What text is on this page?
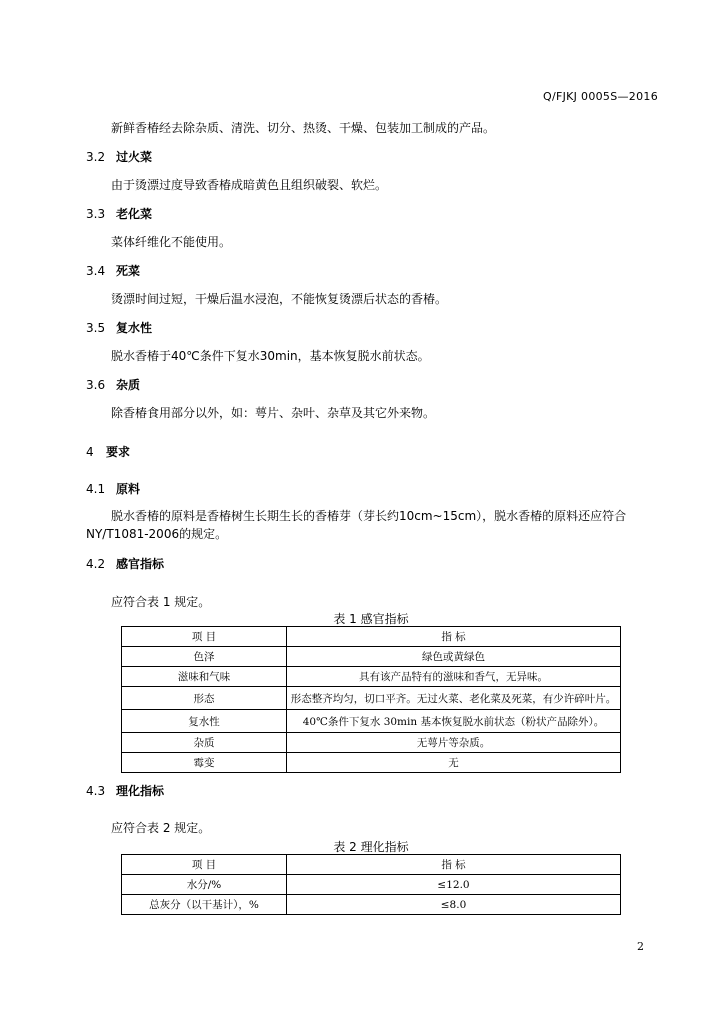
Q/FJKJ 0005S—2016
新鲜香椿经去除杂质、清洗、切分、热烫、干燥、包装加工制成的产品。
3.2 过火菜
由于烫漂过度导致香椿成暗黄色且组织破裂、软烂。
3.3 老化菜
菜体纤维化不能使用。
3.4 死菜
烫漂时间过短，干燥后温水浸泡，不能恢复烫漂后状态的香椿。
3.5 复水性
脱水香椿于40℃条件下复水30min，基本恢复脱水前状态。
3.6 杂质
除香椿食用部分以外，如：萼片、杂叶、杂草及其它外来物。
4 要求
4.1 原料
脱水香椿的原料是香椿树生长期生长的香椿芽（芽长约10cm~15cm），脱水香椿的原料还应符合
NY/T1081-2006的规定。
4.2 感官指标
应符合表 1 规定。
表 1 感官指标
项 目	指 标
色泽	绿色或黄绿色
滋味和气味	具有该产品特有的滋味和香气，无异味。
形态	形态整齐均匀，切口平齐。无过火菜、老化菜及死菜，有少许碎叶片。
复水性	40℃条件下复水 30min 基本恢复脱水前状态（粉状产品除外）。
杂质	无萼片等杂质。
霉变	无
4.3 理化指标
应符合表 2 规定。
表 2 理化指标
项 目	指 标
水分/%	≤12.0
总灰分（以干基计），%	≤8.0
2
